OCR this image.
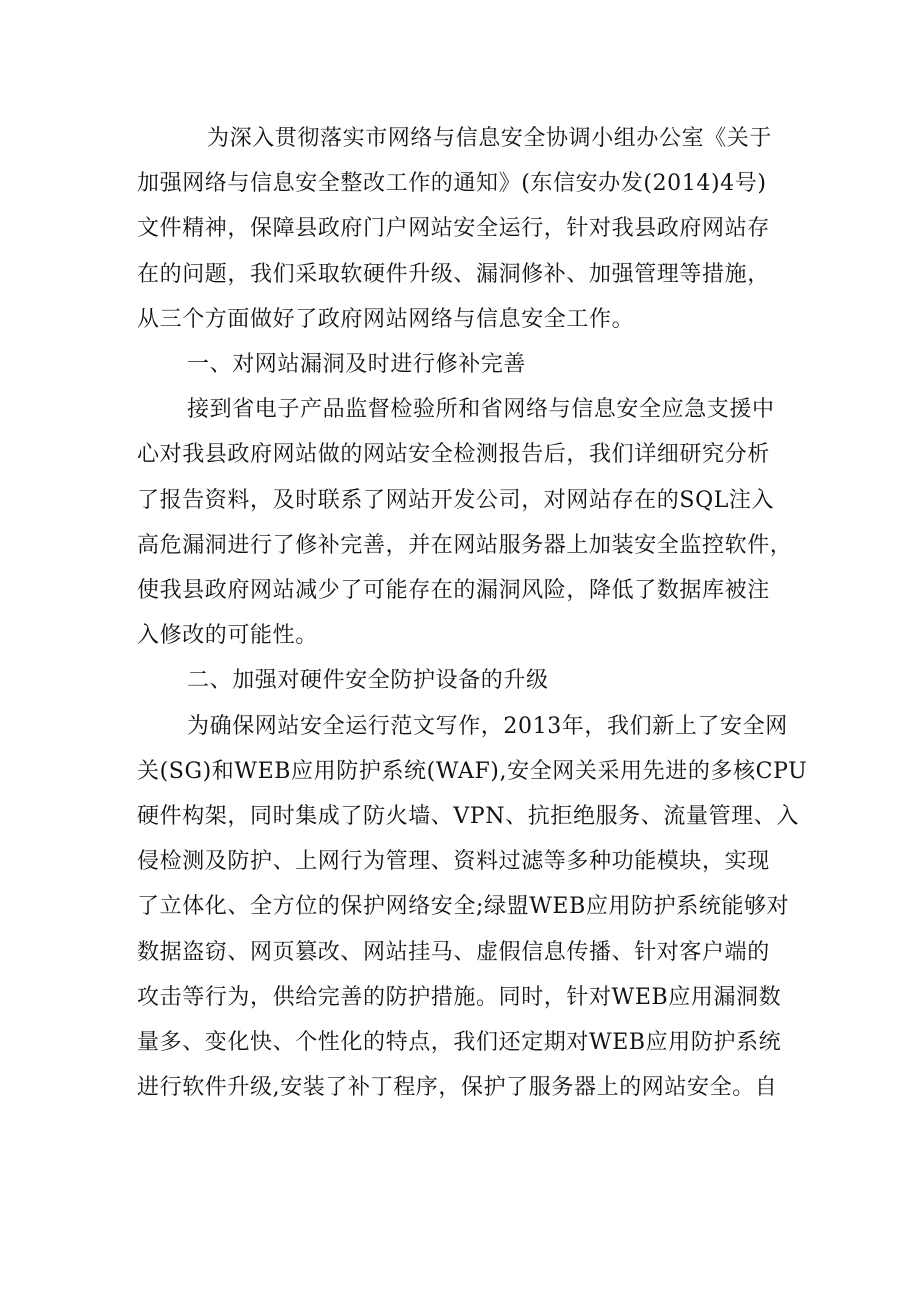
为深入贯彻落实市网络与信息安全协调小组办公室《关于
加强网络与信息安全整改工作的通知》(东信安办发(2014)4号)
文件精神，保障县政府门户网站安全运行，针对我县政府网站存
在的问题，我们采取软硬件升级、漏洞修补、加强管理等措施，
从三个方面做好了政府网站网络与信息安全工作。
一、对网站漏洞及时进行修补完善
接到省电子产品监督检验所和省网络与信息安全应急支援中
心对我县政府网站做的网站安全检测报告后，我们详细研究分析
了报告资料，及时联系了网站开发公司，对网站存在的SQL注入
高危漏洞进行了修补完善，并在网站服务器上加装安全监控软件，
使我县政府网站减少了可能存在的漏洞风险，降低了数据库被注
入修改的可能性。
二、加强对硬件安全防护设备的升级
为确保网站安全运行范文写作，2013年，我们新上了安全网
关(SG)和WEB应用防护系统(WAF),安全网关采用先进的多核CPU
硬件构架，同时集成了防火墙、VPN、抗拒绝服务、流量管理、入
侵检测及防护、上网行为管理、资料过滤等多种功能模块，实现
了立体化、全方位的保护网络安全;绿盟WEB应用防护系统能够对
数据盗窃、网页篡改、网站挂马、虚假信息传播、针对客户端的
攻击等行为，供给完善的防护措施。同时，针对WEB应用漏洞数
量多、变化快、个性化的特点，我们还定期对WEB应用防护系统
进行软件升级,安装了补丁程序，保护了服务器上的网站安全。自
